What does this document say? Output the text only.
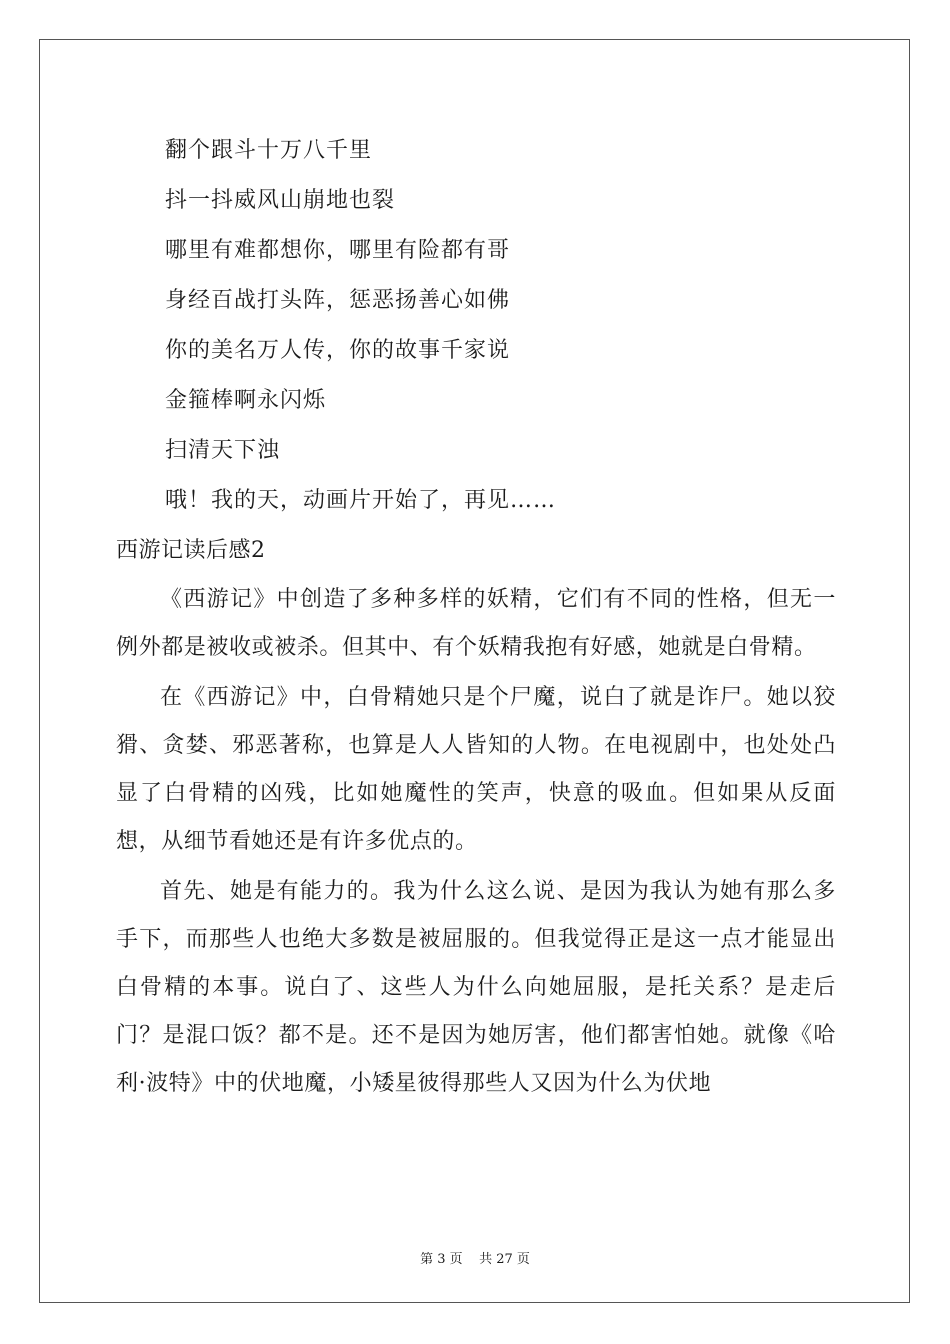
翻个跟斗十万八千里
抖一抖威风山崩地也裂
哪里有难都想你，哪里有险都有哥
身经百战打头阵，惩恶扬善心如佛
你的美名万人传，你的故事千家说
金箍棒啊永闪烁
扫清天下浊
哦！我的天，动画片开始了，再见……
西游记读后感2

《西游记》中创造了多种多样的妖精，它们有不同的性格，但无一例外都是被收或被杀。但其中、有个妖精我抱有好感，她就是白骨精。

在《西游记》中，白骨精她只是个尸魔，说白了就是诈尸。她以狡猾、贪婪、邪恶著称，也算是人人皆知的人物。在电视剧中，也处处凸显了白骨精的凶残，比如她魔性的笑声，快意的吸血。但如果从反面想，从细节看她还是有许多优点的。

首先、她是有能力的。我为什么这么说、是因为我认为她有那么多手下，而那些人也绝大多数是被屈服的。但我觉得正是这一点才能显出白骨精的本事。说白了、这些人为什么向她屈服，是托关系？是走后门？是混口饭？都不是。还不是因为她厉害，他们都害怕她。就像《哈利·波特》中的伏地魔，小矮星彼得那些人又因为什么为伏地

第 3 页    共 27 页
